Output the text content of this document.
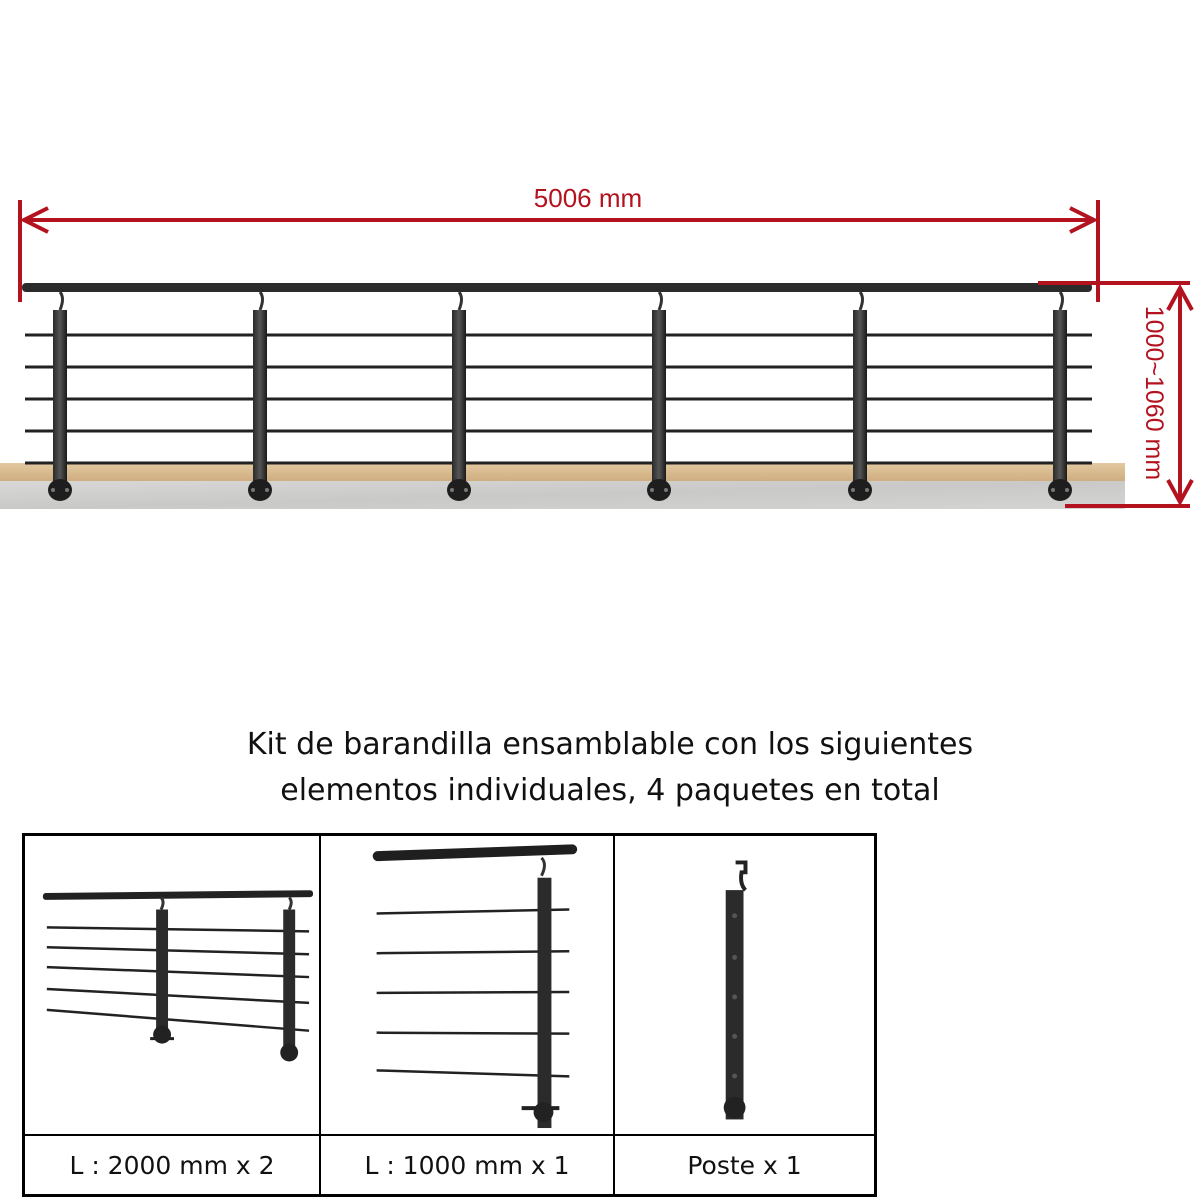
5006 mm
1000~1060 mm
Kit de barandilla ensamblable con los siguientes
elementos individuales, 4 paquetes en total
L : 2000 mm x 2	L : 1000 mm x 1	Poste x 1
